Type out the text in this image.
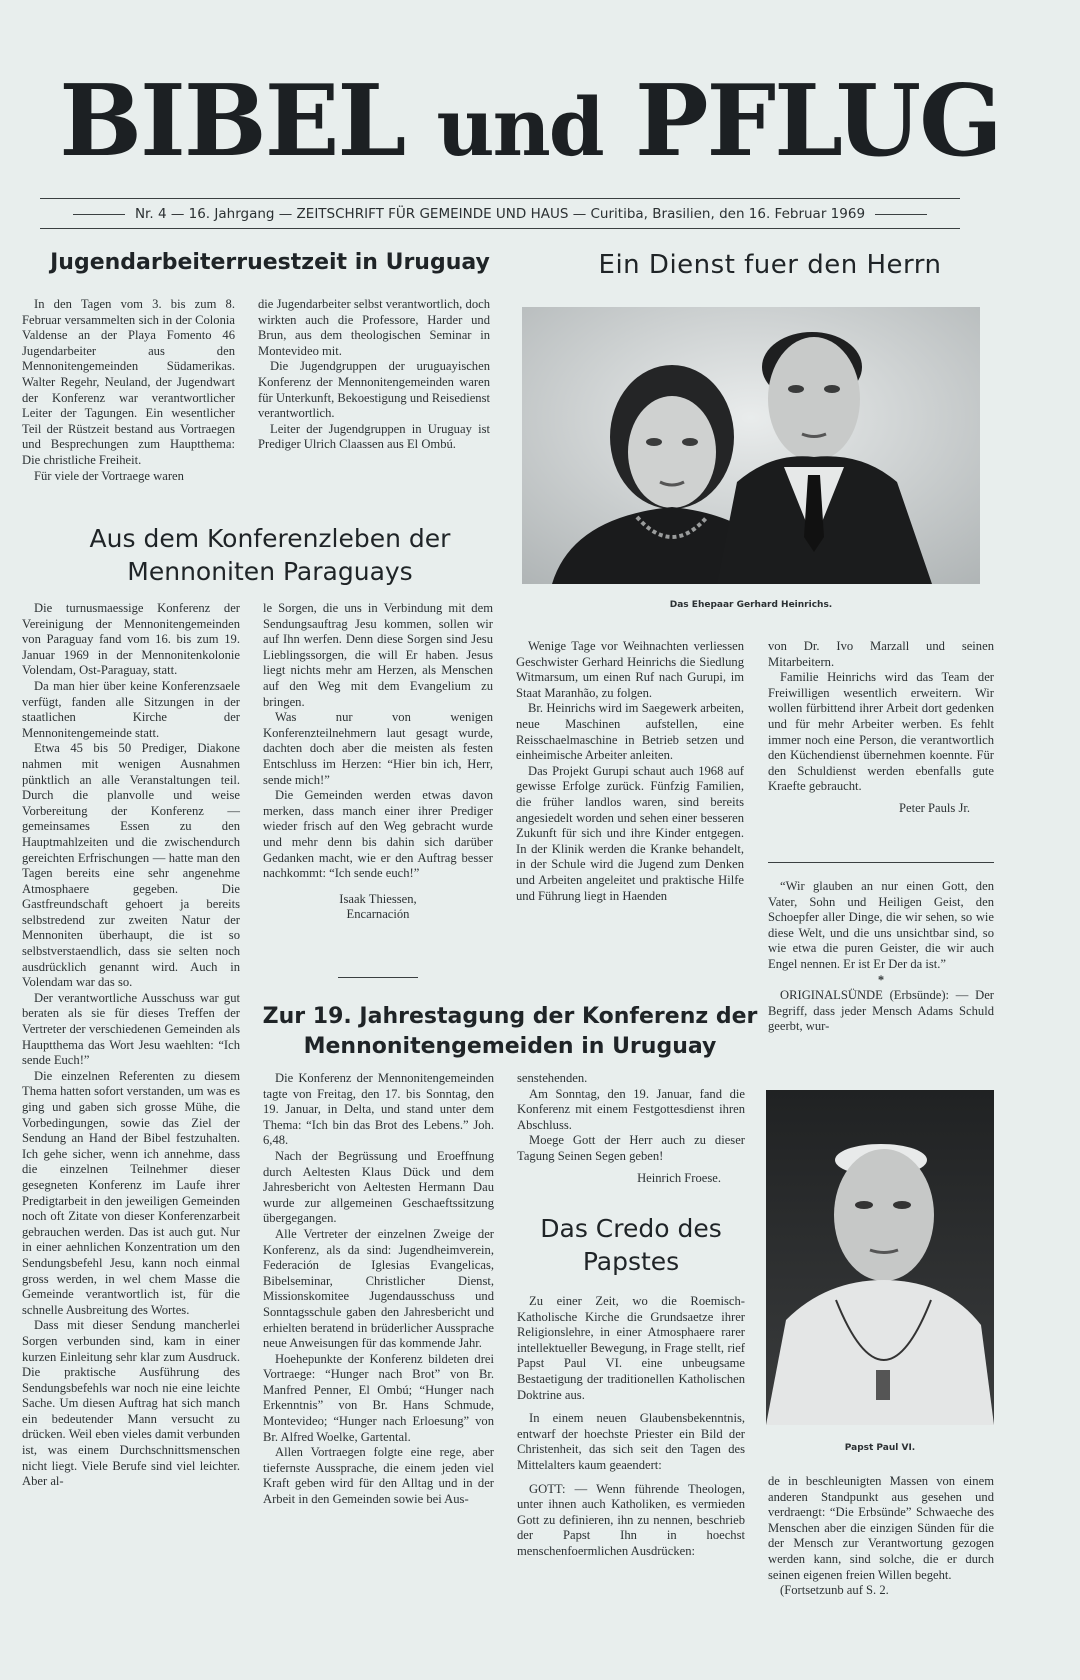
BIBEL und PFLUG
Nr. 4 — 16. Jahrgang — ZEITSCHRIFT FÜR GEMEINDE UND HAUS — Curitiba, Brasilien, den 16. Februar 1969
Jugendarbeiterruestzeit in Uruguay

In den Tagen vom 3. bis zum 8. Februar versammelten sich in der Colonia Valdense an der Playa Fomento 46 Jugendarbeiter aus den Mennonitengemeinden Südamerikas. Walter Regehr, Neuland, der Jugendwart der Konferenz war verantwortlicher Leiter der Tagungen. Ein wesentlicher Teil der Rüstzeit bestand aus Vortraegen und Besprechungen zum Hauptthema: Die christliche Freiheit.

Für viele der Vortraege waren

die Jugendarbeiter selbst verantwortlich, doch wirkten auch die Professore, Harder und Brun, aus dem theologischen Seminar in Montevideo mit.

Die Jugendgruppen der uruguayischen Konferenz der Mennonitengemeinden waren für Unterkunft, Bekoestigung und Reisedienst verantwortlich.

Leiter der Jugendgruppen in Uruguay ist Prediger Ulrich Claassen aus El Ombú.

Aus dem Konferenzleben der
Mennoniten Paraguays

Die turnusmaessige Konferenz der Vereinigung der Mennonitengemeinden von Paraguay fand vom 16. bis zum 19. Januar 1969 in der Mennonitenkolonie Volendam, Ost-Paraguay, statt.

Da man hier über keine Konferenzsaele verfügt, fanden alle Sitzungen in der staatlichen Kirche der Mennonitengemeinde statt.

Etwa 45 bis 50 Prediger, Diakone nahmen mit wenigen Ausnahmen pünktlich an alle Veranstaltungen teil. Durch die planvolle und weise Vorbereitung der Konferenz — gemeinsames Essen zu den Hauptmahlzeiten und die zwischendurch gereichten Erfrischungen — hatte man den Tagen bereits eine sehr angenehme Atmosphaere gegeben. Die Gastfreundschaft gehoert ja bereits selbstredend zur zweiten Natur der Mennoniten überhaupt, die ist so selbstverstaendlich, dass sie selten noch ausdrücklich genannt wird. Auch in Volendam war das so.

Der verantwortliche Ausschuss war gut beraten als sie für dieses Treffen der Vertreter der verschiedenen Gemeinden als Hauptthema das Wort Jesu waehlten: “Ich sende Euch!”

Die einzelnen Referenten zu diesem Thema hatten sofort verstanden, um was es ging und gaben sich grosse Mühe, die Vorbedingungen, sowie das Ziel der Sendung an Hand der Bibel festzuhalten. Ich gehe sicher, wenn ich annehme, dass die einzelnen Teilnehmer dieser gesegneten Konferenz im Laufe ihrer Predigtarbeit in den jeweiligen Gemeinden noch oft Zitate von dieser Konferenzarbeit gebrauchen werden. Das ist auch gut. Nur in einer aehnlichen Konzentration um den Sendungsbefehl Jesu, kann noch einmal gross werden, in wel chem Masse die Gemeinde verantwortlich ist, für die schnelle Ausbreitung des Wortes.

Dass mit dieser Sendung mancherlei Sorgen verbunden sind, kam in einer kurzen Einleitung sehr klar zum Ausdruck. Die praktische Ausführung des Sendungsbefehls war noch nie eine leichte Sache. Um diesen Auftrag hat sich manch ein bedeutender Mann versucht zu drücken. Weil eben vieles damit verbunden ist, was einem Durchschnittsmenschen nicht liegt. Viele Berufe sind viel leichter. Aber al-

le Sorgen, die uns in Verbindung mit dem Sendungsauftrag Jesu kommen, sollen wir auf Ihn werfen. Denn diese Sorgen sind Jesu Lieblingssorgen, die will Er haben. Jesus liegt nichts mehr am Herzen, als Menschen auf den Weg mit dem Evangelium zu bringen.

Was nur von wenigen Konferenzteilnehmern laut gesagt wurde, dachten doch aber die meisten als festen Entschluss im Herzen: “Hier bin ich, Herr, sende mich!”

Die Gemeinden werden etwas davon merken, dass manch einer ihrer Prediger wieder frisch auf den Weg gebracht wurde und mehr denn bis dahin sich darüber Gedanken macht, wie er den Auftrag besser nachkommt: “Ich sende euch!”

Isaak Thiessen,

Encarnación

Ein Dienst fuer den Herrn
Das Ehepaar Gerhard Heinrichs.

Wenige Tage vor Weihnachten verliessen Geschwister Gerhard Heinrichs die Siedlung Witmarsum, um einen Ruf nach Gurupi, im Staat Maranhão, zu folgen.

Br. Heinrichs wird im Saegewerk arbeiten, neue Maschinen aufstellen, eine Reisschaelmaschine in Betrieb setzen und einheimische Arbeiter anleiten.

Das Projekt Gurupi schaut auch 1968 auf gewisse Erfolge zurück. Fünfzig Familien, die früher landlos waren, sind bereits angesiedelt worden und sehen einer besseren Zukunft für sich und ihre Kinder entgegen. In der Klinik werden die Kranke behandelt, in der Schule wird die Jugend zum Denken und Arbeiten angeleitet und praktische Hilfe und Führung liegt in Haenden

von Dr. Ivo Marzall und seinen Mitarbeitern.

Familie Heinrichs wird das Team der Freiwilligen wesentlich erweitern. Wir wollen fürbittend ihrer Arbeit dort gedenken und für mehr Arbeiter werben. Es fehlt immer noch eine Person, die verantwortlich den Küchendienst übernehmen koennte. Für den Schuldienst werden ebenfalls gute Kraefte gebraucht.

Peter Pauls Jr.

“Wir glauben an nur einen Gott, den Vater, Sohn und Heiligen Geist, den Schoepfer aller Dinge, die wir sehen, so wie diese Welt, und die uns unsichtbar sind, so wie etwa die puren Geister, die wir auch Engel nennen. Er ist Er Der da ist.”

*

ORIGINALSÜNDE (Erbsünde): — Der Begriff, dass jeder Mensch Adams Schuld geerbt, wur-

Papst Paul VI.

de in beschleunigten Massen von einem anderen Standpunkt aus gesehen und verdraengt: “Die Erbsünde” Schwaeche des Menschen aber die einzigen Sünden für die der Mensch zur Verantwortung gezogen werden kann, sind solche, die er durch seinen eigenen freien Willen begeht.

(Fortsetzunb auf S. 2.

Zur 19. Jahrestagung der Konferenz der
Mennonitengemeiden in Uruguay

Die Konferenz der Mennonitengemeinden tagte von Freitag, den 17. bis Sonntag, den 19. Januar, in Delta, und stand unter dem Thema: “Ich bin das Brot des Lebens.” Joh. 6,48.

Nach der Begrüssung und Eroeffnung durch Aeltesten Klaus Dück und dem Jahresbericht von Aeltesten Hermann Dau wurde zur allgemeinen Geschaeftssitzung übergegangen.

Alle Vertreter der einzelnen Zweige der Konferenz, als da sind: Jugendheimverein, Federación de Iglesias Evangelicas, Bibelseminar, Christlicher Dienst, Missionskomitee Jugendausschuss und Sonntagsschule gaben den Jahresbericht und erhielten beratend in brüderlicher Aussprache neue Anweisungen für das kommende Jahr.

Hoehepunkte der Konferenz bildeten drei Vortraege: “Hunger nach Brot” von Br. Manfred Penner, El Ombú; “Hunger nach Erkenntnis” von Br. Hans Schmude, Montevideo; “Hunger nach Erloesung” von Br. Alfred Woelke, Gartental.

Allen Vortraegen folgte eine rege, aber tiefernste Aussprache, die einem jeden viel Kraft geben wird für den Alltag und in der Arbeit in den Gemeinden sowie bei Aus-

senstehenden.

Am Sonntag, den 19. Januar, fand die Konferenz mit einem Festgottesdienst ihren Abschluss.

Moege Gott der Herr auch zu dieser Tagung Seinen Segen geben!

Heinrich Froese.

Das Credo des
Papstes

Zu einer Zeit, wo die Roemisch-Katholische Kirche die Grundsaetze ihrer Religionslehre, in einer Atmosphaere rarer intellektueller Bewegung, in Frage stellt, rief Papst Paul VI. eine unbeugsame Bestaetigung der traditionellen Katholischen Doktrine aus.

In einem neuen Glaubensbekenntnis, entwarf der hoechste Priester ein Bild der Christenheit, das sich seit den Tagen des Mittelalters kaum geaendert:

GOTT: — Wenn führende Theologen, unter ihnen auch Katholiken, es vermieden Gott zu definieren, ihn zu nennen, beschrieb der Papst Ihn in hoechst menschenfoermlichen Ausdrücken:
